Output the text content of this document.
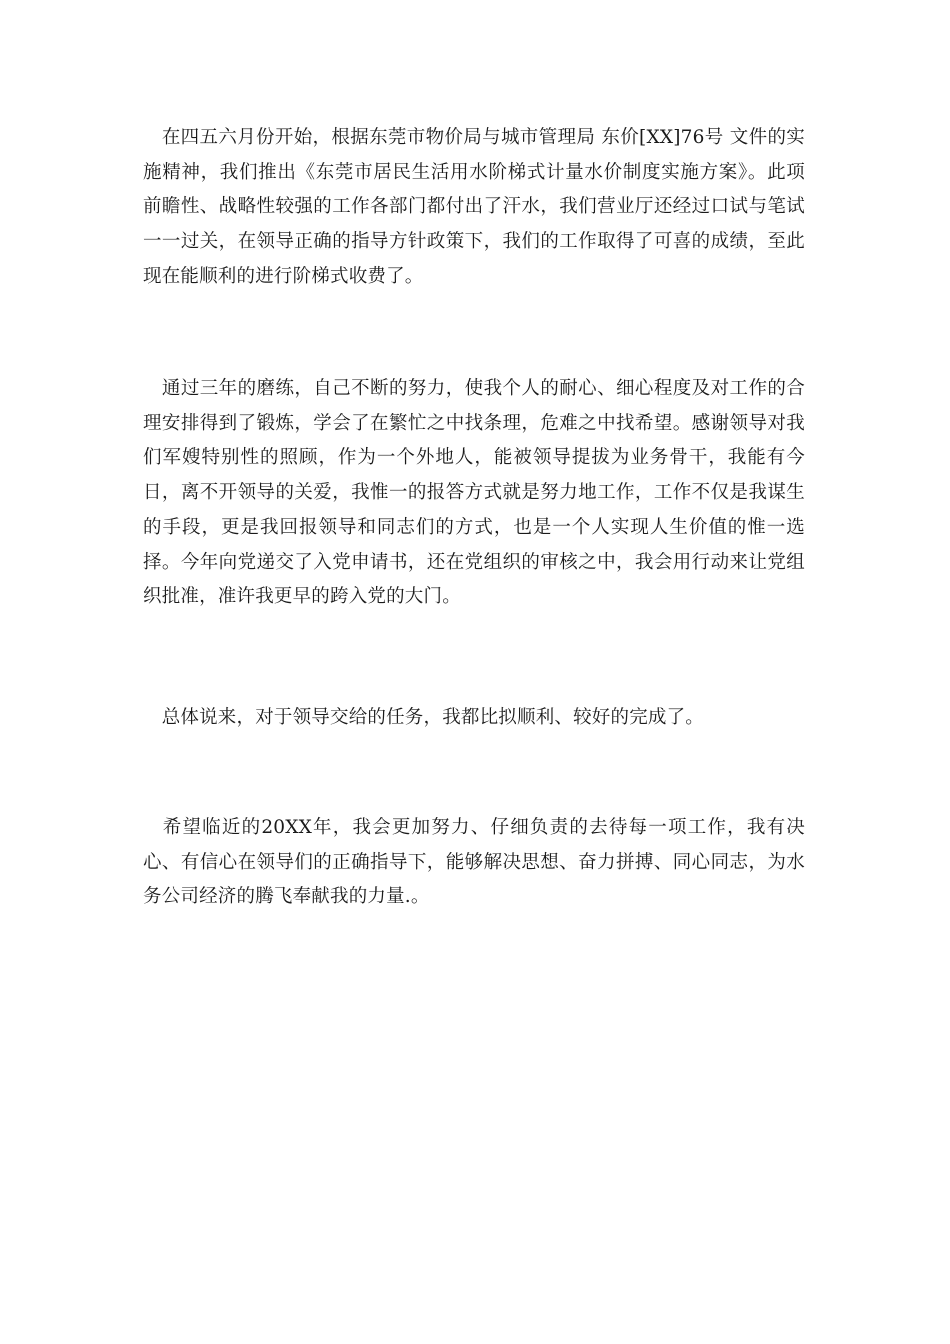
　在四五六月份开始，根据东莞市物价局与城市管理局 东价[XX]76号 文件的实施精神，我们推出《东莞市居民生活用水阶梯式计量水价制度实施方案》。此项前瞻性、战略性较强的工作各部门都付出了汗水，我们营业厅还经过口试与笔试一一过关，在领导正确的指导方针政策下，我们的工作取得了可喜的成绩，至此现在能顺利的进行阶梯式收费了。

　通过三年的磨练，自己不断的努力，使我个人的耐心、细心程度及对工作的合理安排得到了锻炼，学会了在繁忙之中找条理，危难之中找希望。感谢领导对我们军嫂特别性的照顾，作为一个外地人，能被领导提拔为业务骨干，我能有今日，离不开领导的关爱，我惟一的报答方式就是努力地工作，工作不仅是我谋生的手段，更是我回报领导和同志们的方式，也是一个人实现人生价值的惟一选择。今年向党递交了入党申请书，还在党组织的审核之中，我会用行动来让党组织批准，准许我更早的跨入党的大门。

　总体说来，对于领导交给的任务，我都比拟顺利、较好的完成了。

　希望临近的20XX年，我会更加努力、仔细负责的去待每一项工作，我有决心、有信心在领导们的正确指导下，能够解决思想、奋力拼搏、同心同志，为水务公司经济的腾飞奉献我的力量.。
